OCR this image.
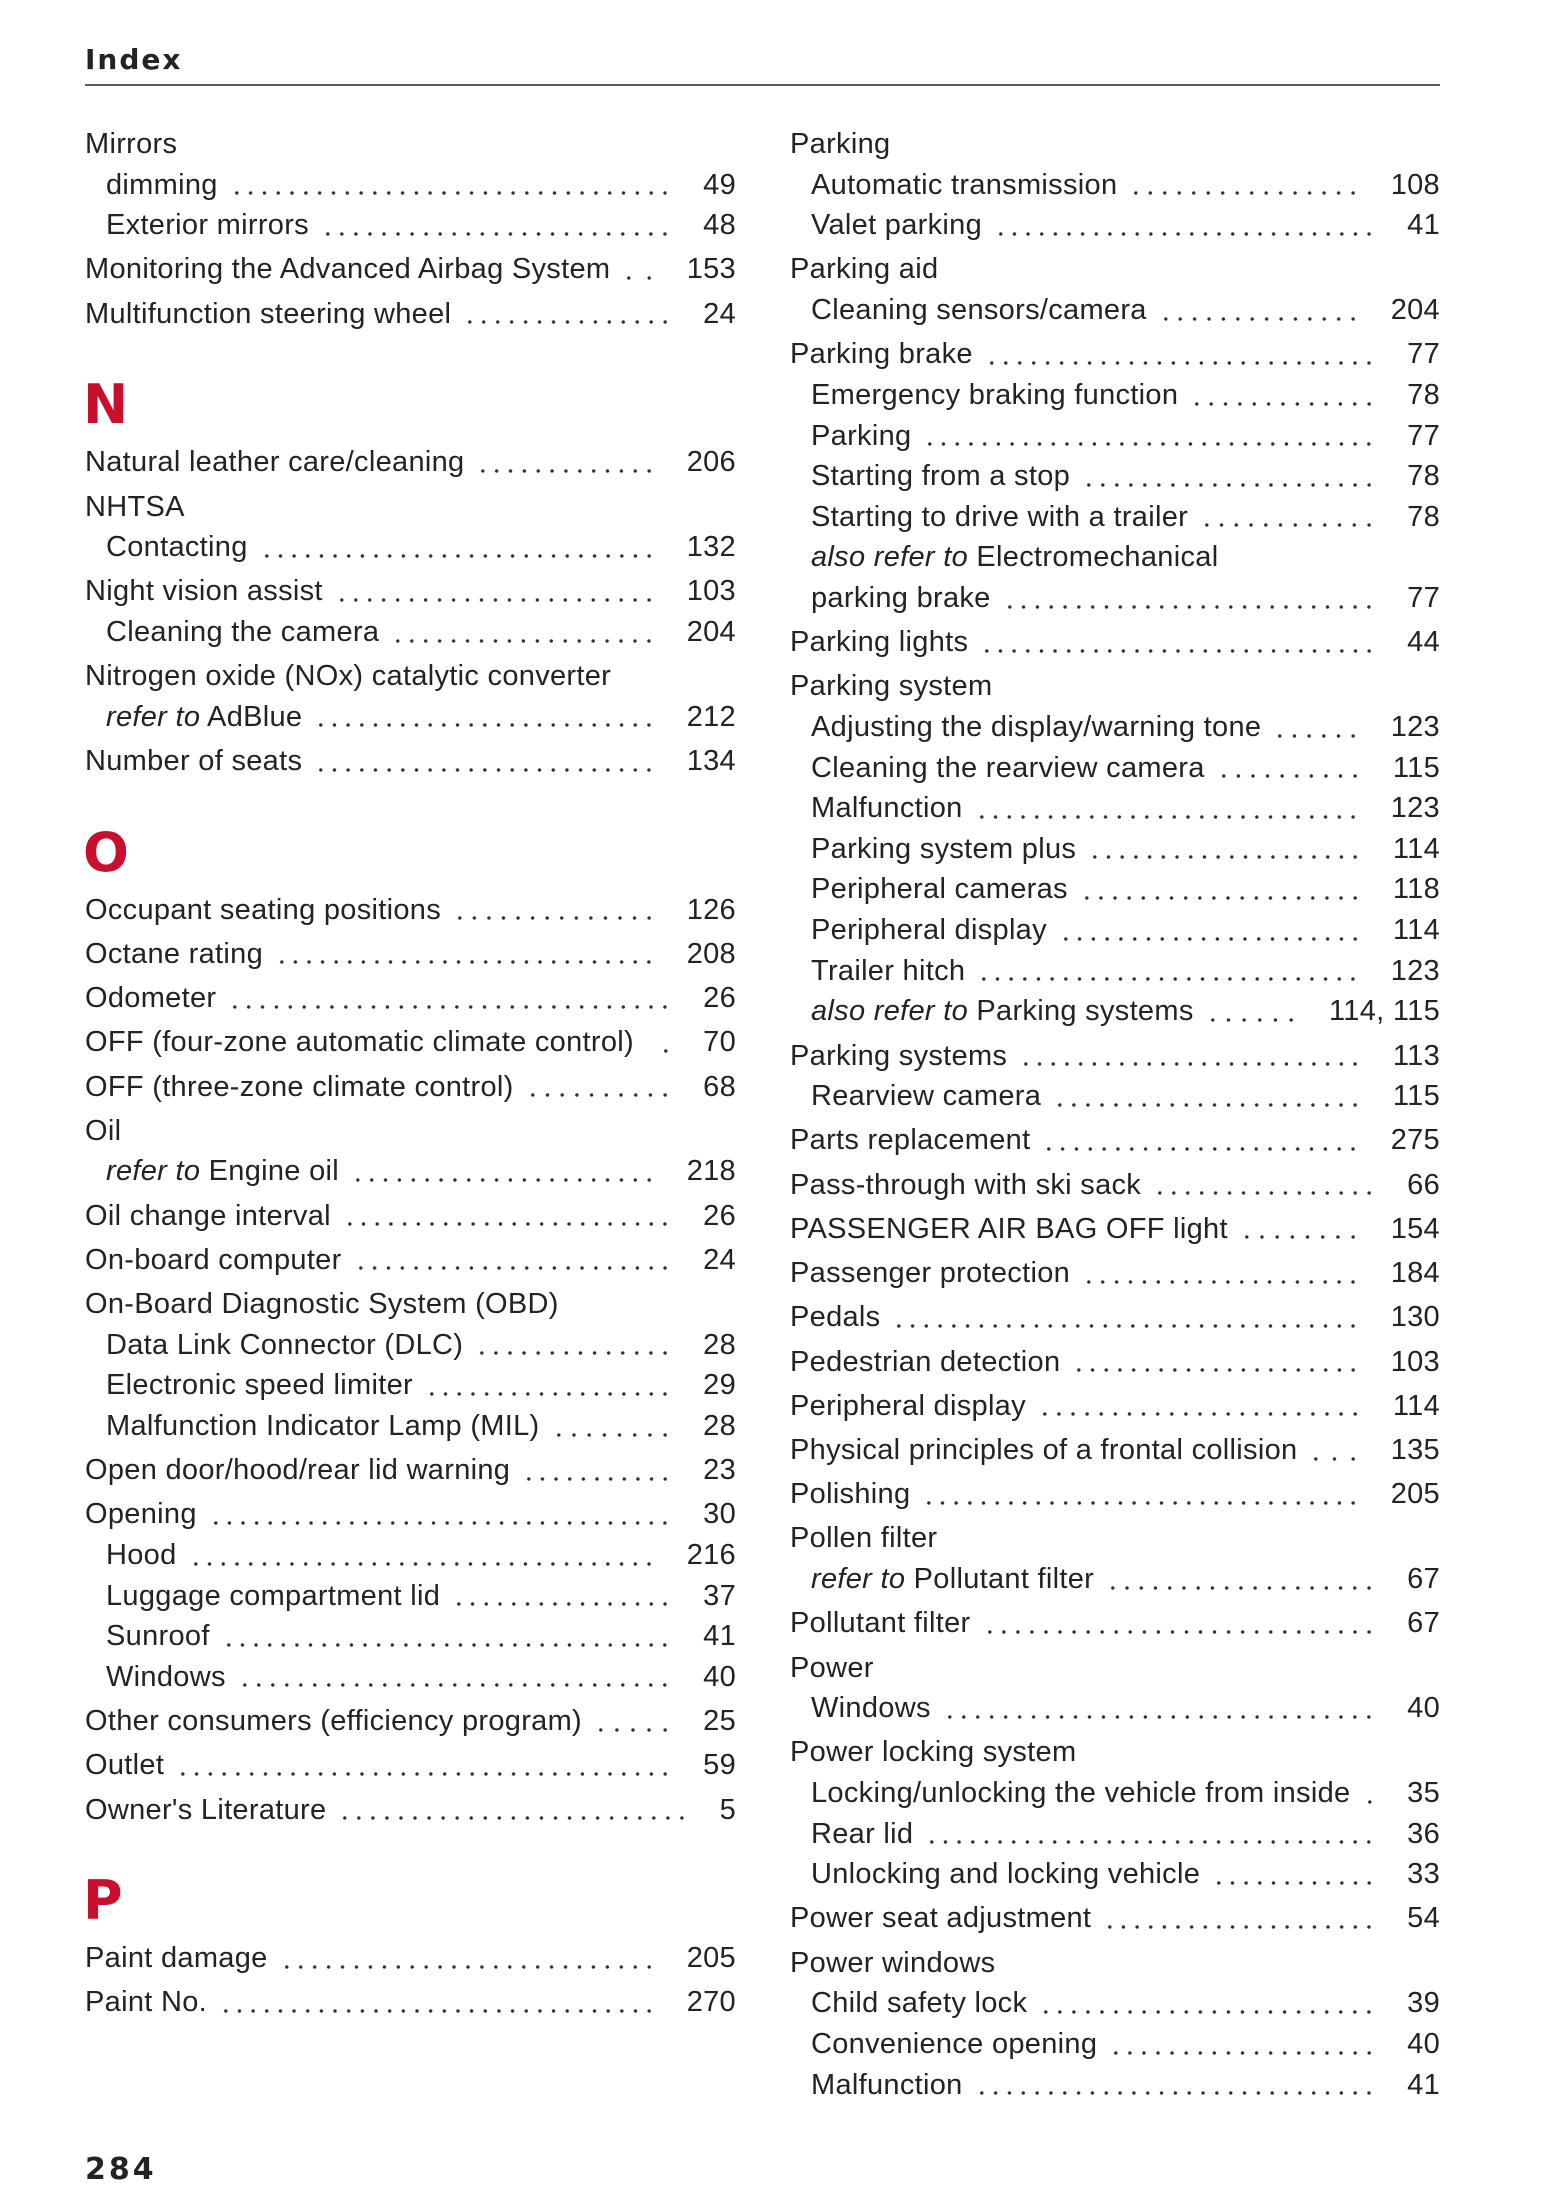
Index
Mirrors
dimming	49
Exterior mirrors	48
Monitoring the Advanced Airbag System	153
Multifunction steering wheel	24
N
Natural leather care/cleaning	206
NHTSA
Contacting	132
Night vision assist	103
Cleaning the camera	204
Nitrogen oxide (NOx) catalytic converter
refer to AdBlue	212
Number of seats	134
O
Occupant seating positions	126
Octane rating	208
Odometer	26
OFF (four-zone automatic climate control) 70
OFF (three-zone climate control)	68
Oil
refer to Engine oil	218
Oil change interval	26
On-board computer	24
On-Board Diagnostic System (OBD)
Data Link Connector (DLC)	28
Electronic speed limiter	29
Malfunction Indicator Lamp (MIL)	28
Open door/hood/rear lid warning	23
Opening	30
Hood	216
Luggage compartment lid	37
Sunroof	41
Windows	40
Other consumers (efficiency program)	25
Outlet	59
Owner's Literature	5
P
Paint damage	205
Paint No.	270
Parking
Automatic transmission	108
Valet parking	41
Parking aid
Cleaning sensors/camera	204
Parking brake	77
Emergency braking function	78
Parking	77
Starting from a stop	78
Starting to drive with a trailer	78
also refer to Electromechanical
parking brake	77
Parking lights	44
Parking system
Adjusting the display/warning tone	123
Cleaning the rearview camera	115
Malfunction	123
Parking system plus	114
Peripheral cameras	118
Peripheral display	114
Trailer hitch	123
also refer to Parking systems	114, 115
Parking systems	113
Rearview camera	115
Parts replacement	275
Pass-through with ski sack	66
PASSENGER AIR BAG OFF light	154
Passenger protection	184
Pedals	130
Pedestrian detection	103
Peripheral display	114
Physical principles of a frontal collision	135
Polishing	205
Pollen filter
refer to Pollutant filter	67
Pollutant filter	67
Power
Windows	40
Power locking system
Locking/unlocking the vehicle from inside 35
Rear lid	36
Unlocking and locking vehicle	33
Power seat adjustment	54
Power windows
Child safety lock	39
Convenience opening	40
Malfunction	41
284
